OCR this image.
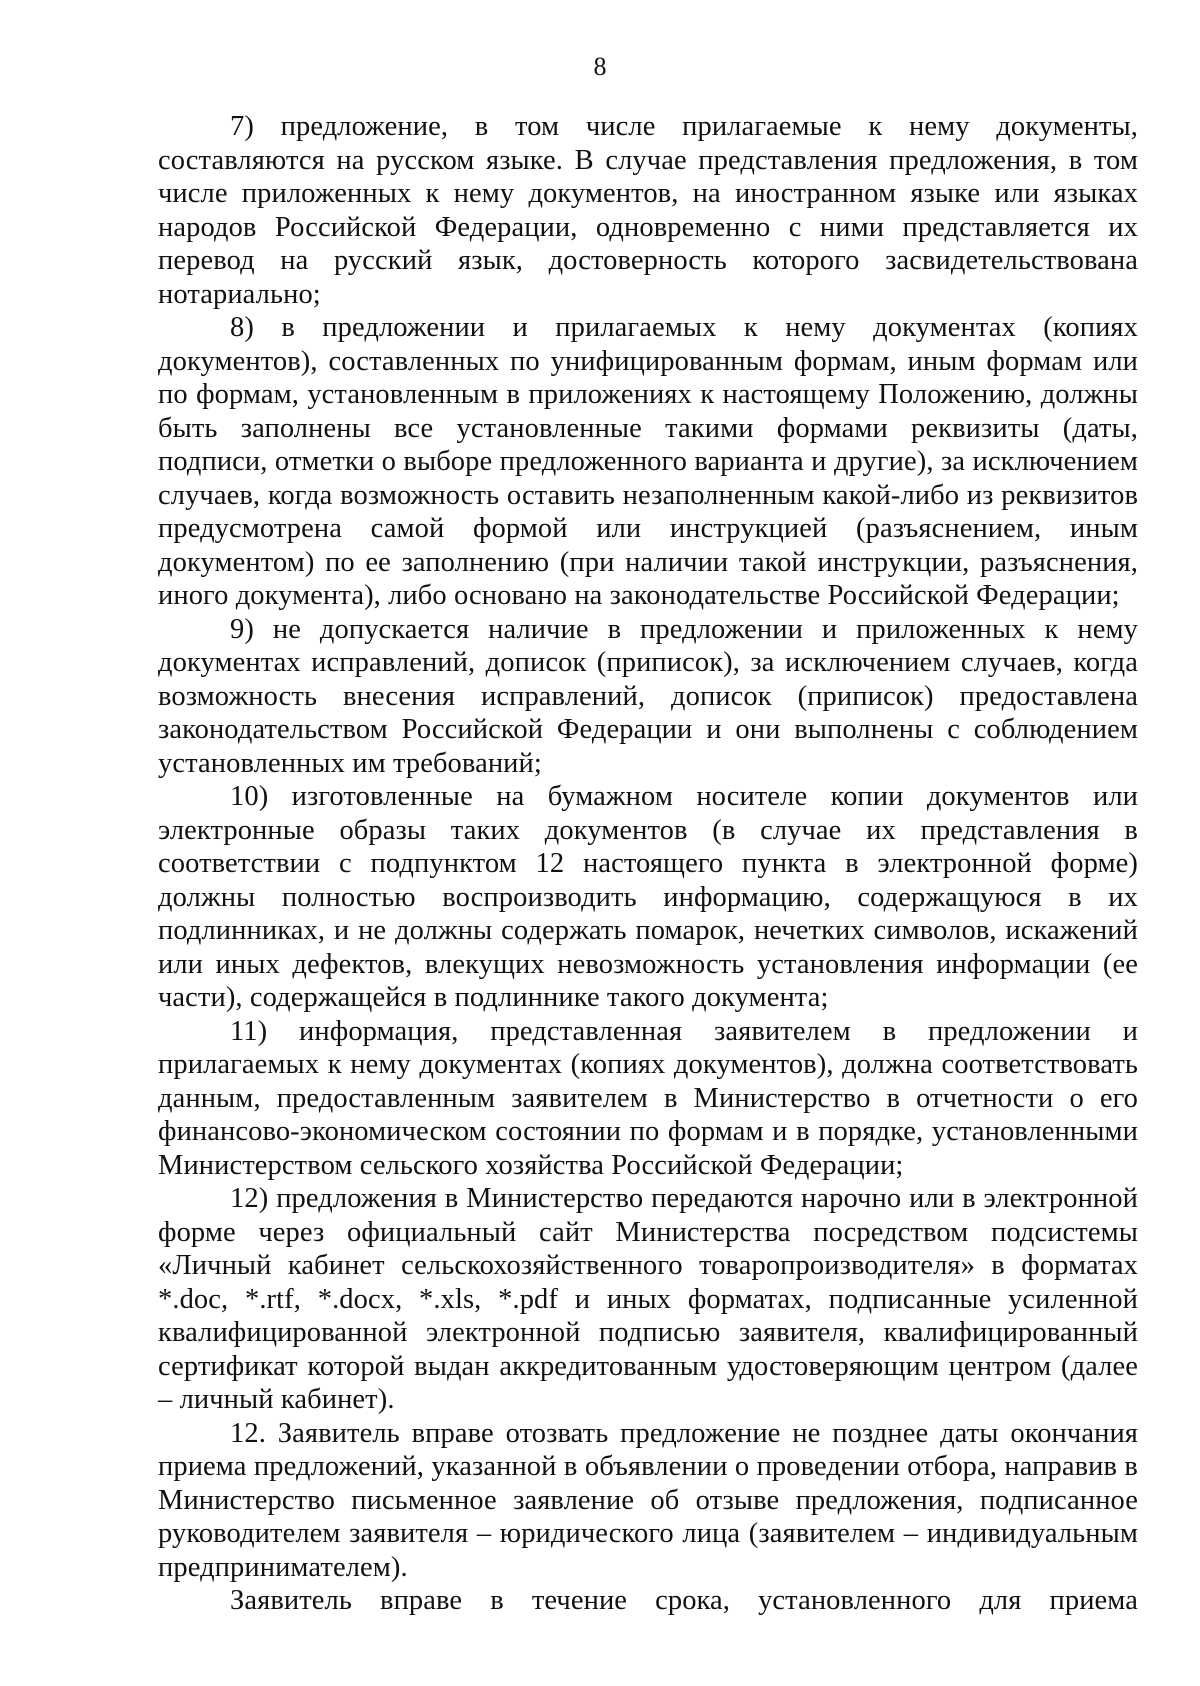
8

7) предложение, в том числе прилагаемые к нему документы, составляются на русском языке. В случае представления предложения, в том числе приложенных к нему документов, на иностранном языке или языках народов Российской Федерации, одновременно с ними представляется их перевод на русский язык, достоверность которого засвидетельствована нотариально;

8) в предложении и прилагаемых к нему документах (копиях документов), составленных по унифицированным формам, иным формам или по формам, установленным в приложениях к настоящему Положению, должны быть заполнены все установленные такими формами реквизиты (даты, подписи, отметки о выборе предложенного варианта и другие), за исключением случаев, когда возможность оставить незаполненным какой-либо из реквизитов предусмотрена самой формой или инструкцией (разъяснением, иным документом) по ее заполнению (при наличии такой инструкции, разъяснения, иного документа), либо основано на законодательстве Российской Федерации;

9) не допускается наличие в предложении и приложенных к нему документах исправлений, дописок (приписок), за исключением случаев, когда возможность внесения исправлений, дописок (приписок) предоставлена законодательством Российской Федерации и они выполнены с соблюдением установленных им требований;

10) изготовленные на бумажном носителе копии документов или электронные образы таких документов (в случае их представления в соответствии с подпунктом 12 настоящего пункта в электронной форме) должны полностью воспроизводить информацию, содержащуюся в их подлинниках, и не должны содержать помарок, нечетких символов, искажений или иных дефектов, влекущих невозможность установления информации (ее части), содержащейся в подлиннике такого документа;

11) информация, представленная заявителем в предложении и прилагаемых к нему документах (копиях документов), должна соответствовать данным, предоставленным заявителем в Министерство в отчетности о его финансово-экономическом состоянии по формам и в порядке, установленными Министерством сельского хозяйства Российской Федерации;

12) предложения в Министерство передаются нарочно или в электронной форме через официальный сайт Министерства посредством подсистемы «Личный кабинет сельскохозяйственного товаропроизводителя» в форматах *.doc, *.rtf, *.docx, *.xls, *.pdf и иных форматах, подписанные усиленной квалифицированной электронной подписью заявителя, квалифицированный сертификат которой выдан аккредитованным удостоверяющим центром (далее – личный кабинет).

12. Заявитель вправе отозвать предложение не позднее даты окончания приема предложений, указанной в объявлении о проведении отбора, направив в Министерство письменное заявление об отзыве предложения, подписанное руководителем заявителя – юридического лица (заявителем – индивидуальным предпринимателем).

Заявитель вправе в течение срока, установленного для приема
